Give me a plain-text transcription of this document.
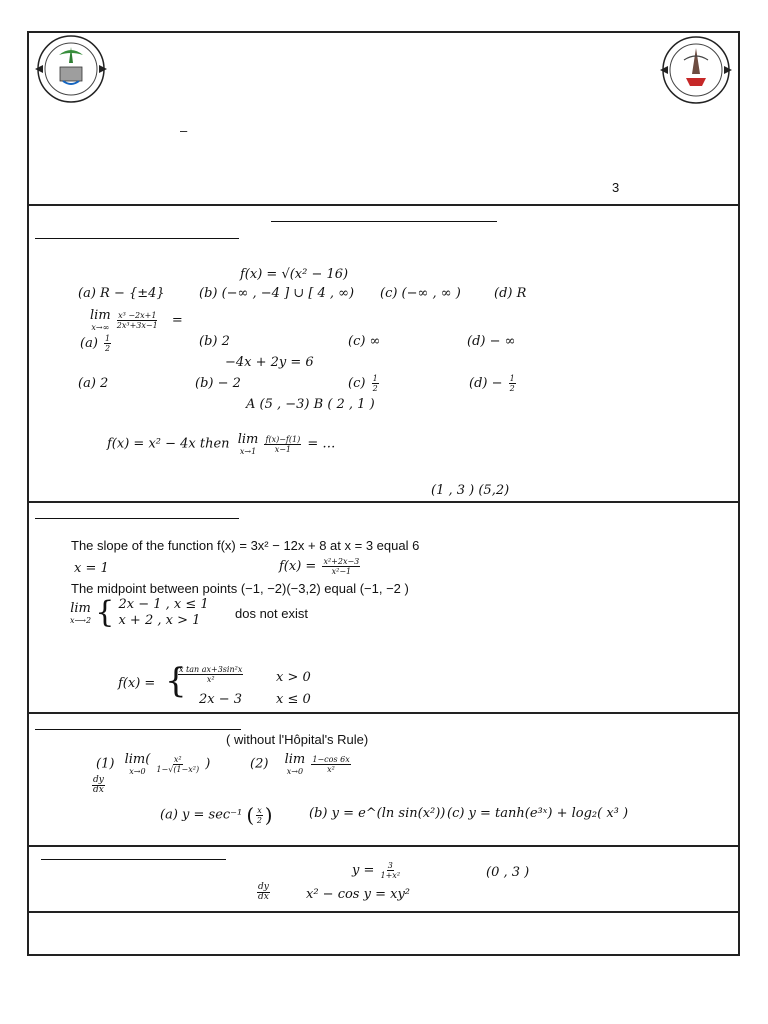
–
3
f(x) = √(x² − 16)
(a) R − {±4}	(b) (−∞ , −4 ] ∪ [ 4 , ∞) (c) (−∞ , ∞ )	(d) R
lim
x→∞
$\frac{\text{x³ −2x+1}}{\text{2x³+3x−1}}$ =
$(a) \frac{1}{2}$	(b) 2	(c) ∞	(d) − ∞
−4x + 2y = 6
(a) 2	(b) − 2	$(c) \frac{1}{2}$	$(d) - \frac{1}{2}$
A (5 , −3) B ( 2 , 1 )
f(x) = x² − 4x then lim
x→1
$\frac{f(x)-f(1)}{x-1}$ = …
(1 , 3 ) (5,2)
The slope of the function f(x) = 3x² − 12x + 8 at x = 3 equal 6
x = 1	$f(x) = \frac{\text{x²+2x−3}}{\text{x²−1}}$
The midpoint between points (−1, −2)(−3,2) equal (−1, −2 )
lim
x⟶2 { 2x − 1 , x ≤ 1
x + 2 , x > 1	dos not exist
f(x) = {
$\frac{\text{x tan ax+3sin²x}}{\text{x²}}$	x > 0
2x − 3	x ≤ 0
( without l'Hôpital's Rule)
(1) lim(
x→0
$\frac{\text{x²}}{\text{1−√(1−x²)}}$ )	(2) lim
x→0
$\frac{1-\cos 6x}{\text{x²}}$
$\frac{dy}{dx}$
(a) y = sec⁻¹ ( $\frac{x}{2}$ )	(b) y = e^(ln sin(x²)) (c) y = tanh(e³ˣ) + log₂( x³ )
$y = \frac{3}{\text{1+x²}}$	(0 , 3 )
$\frac{dy}{dx}$	x² − cos y = xy²
